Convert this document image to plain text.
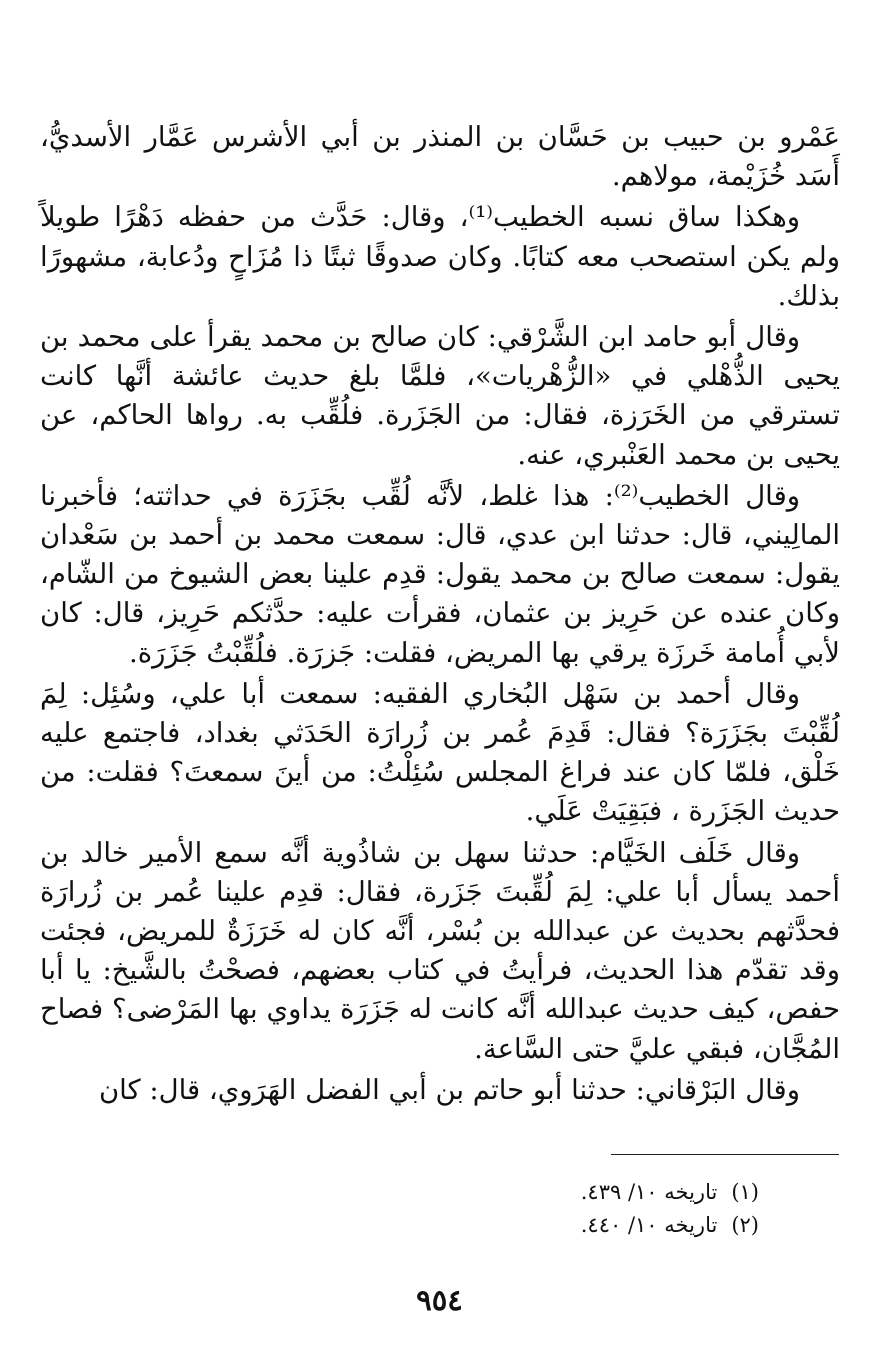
عَمْرو بن حبيب بن حَسَّان بن المنذر بن أبي الأشرس عَمَّار الأسديُّ، أَسَد خُزَيْمة، مولاهم.

وهكذا ساق نسبه الخطيب⁽¹⁾، وقال: حَدَّث من حفظه دَهْرًا طويلاً ولم يكن استصحب معه كتابًا. وكان صدوقًا ثبتًا ذا مُزَاحٍ ودُعابة، مشهورًا بذلك.

وقال أبو حامد ابن الشَّرْقي: كان صالح بن محمد يقرأ على محمد بن يحيى الذُّهْلي في «الزُّهْريات»، فلمَّا بلغ حديث عائشة أنَّها كانت تسترقي من الخَرَزة، فقال: من الجَزَرة. فلُقِّب به. رواها الحاكم، عن يحيى بن محمد العَنْبري، عنه.

وقال الخطيب⁽²⁾: هذا غلط، لأنَّه لُقِّب بجَزَرَة في حداثته؛ فأخبرنا المالِيني، قال: حدثنا ابن عدي، قال: سمعت محمد بن أحمد بن سَعْدان يقول: سمعت صالح بن محمد يقول: قدِم علينا بعض الشيوخ من الشّام، وكان عنده عن حَرِيز بن عثمان، فقرأت عليه: حدَّثكم حَرِيز، قال: كان لأبي أُمامة خَرزَة يرقي بها المريض، فقلت: جَزرَة. فلُقِّبْتُ جَزَرَة.

وقال أحمد بن سَهْل البُخاري الفقيه: سمعت أبا علي، وسُئِل: لِمَ لُقِّبْتَ بجَزَرَة؟ فقال: قَدِمَ عُمر بن زُرارَة الحَدَثي بغداد، فاجتمع عليه خَلْق، فلمّا كان عند فراغ المجلس سُئِلْتُ: من أينَ سمعتَ؟ فقلت: من حديث الجَزَرة ، فبَقِيَتْ عَلَي.

وقال خَلَف الخَيَّام: حدثنا سهل بن شاذُوية أنَّه سمع الأمير خالد بن أحمد يسأل أبا علي: لِمَ لُقِّبتَ جَزَرة، فقال: قدِم علينا عُمر بن زُرارَة فحدَّثهم بحديث عن عبدالله بن بُسْر، أنَّه كان له خَرَزَةٌ للمريض، فجئت وقد تقدّم هذا الحديث، فرأيتُ في كتاب بعضهم، فصحْتُ بالشَّيخ: يا أبا حفص، كيف حديث عبدالله أنَّه كانت له جَزَرَة يداوي بها المَرْضى؟ فصاح المُجَّان، فبقي عليَّ حتى السَّاعة.

وقال البَرْقاني: حدثنا أبو حاتم بن أبي الفضل الهَرَوي، قال: كان

(١)تاريخه ١٠/ ٤٣٩.

(٢)تاريخه ١٠/ ٤٤٠.

٩٥٤
